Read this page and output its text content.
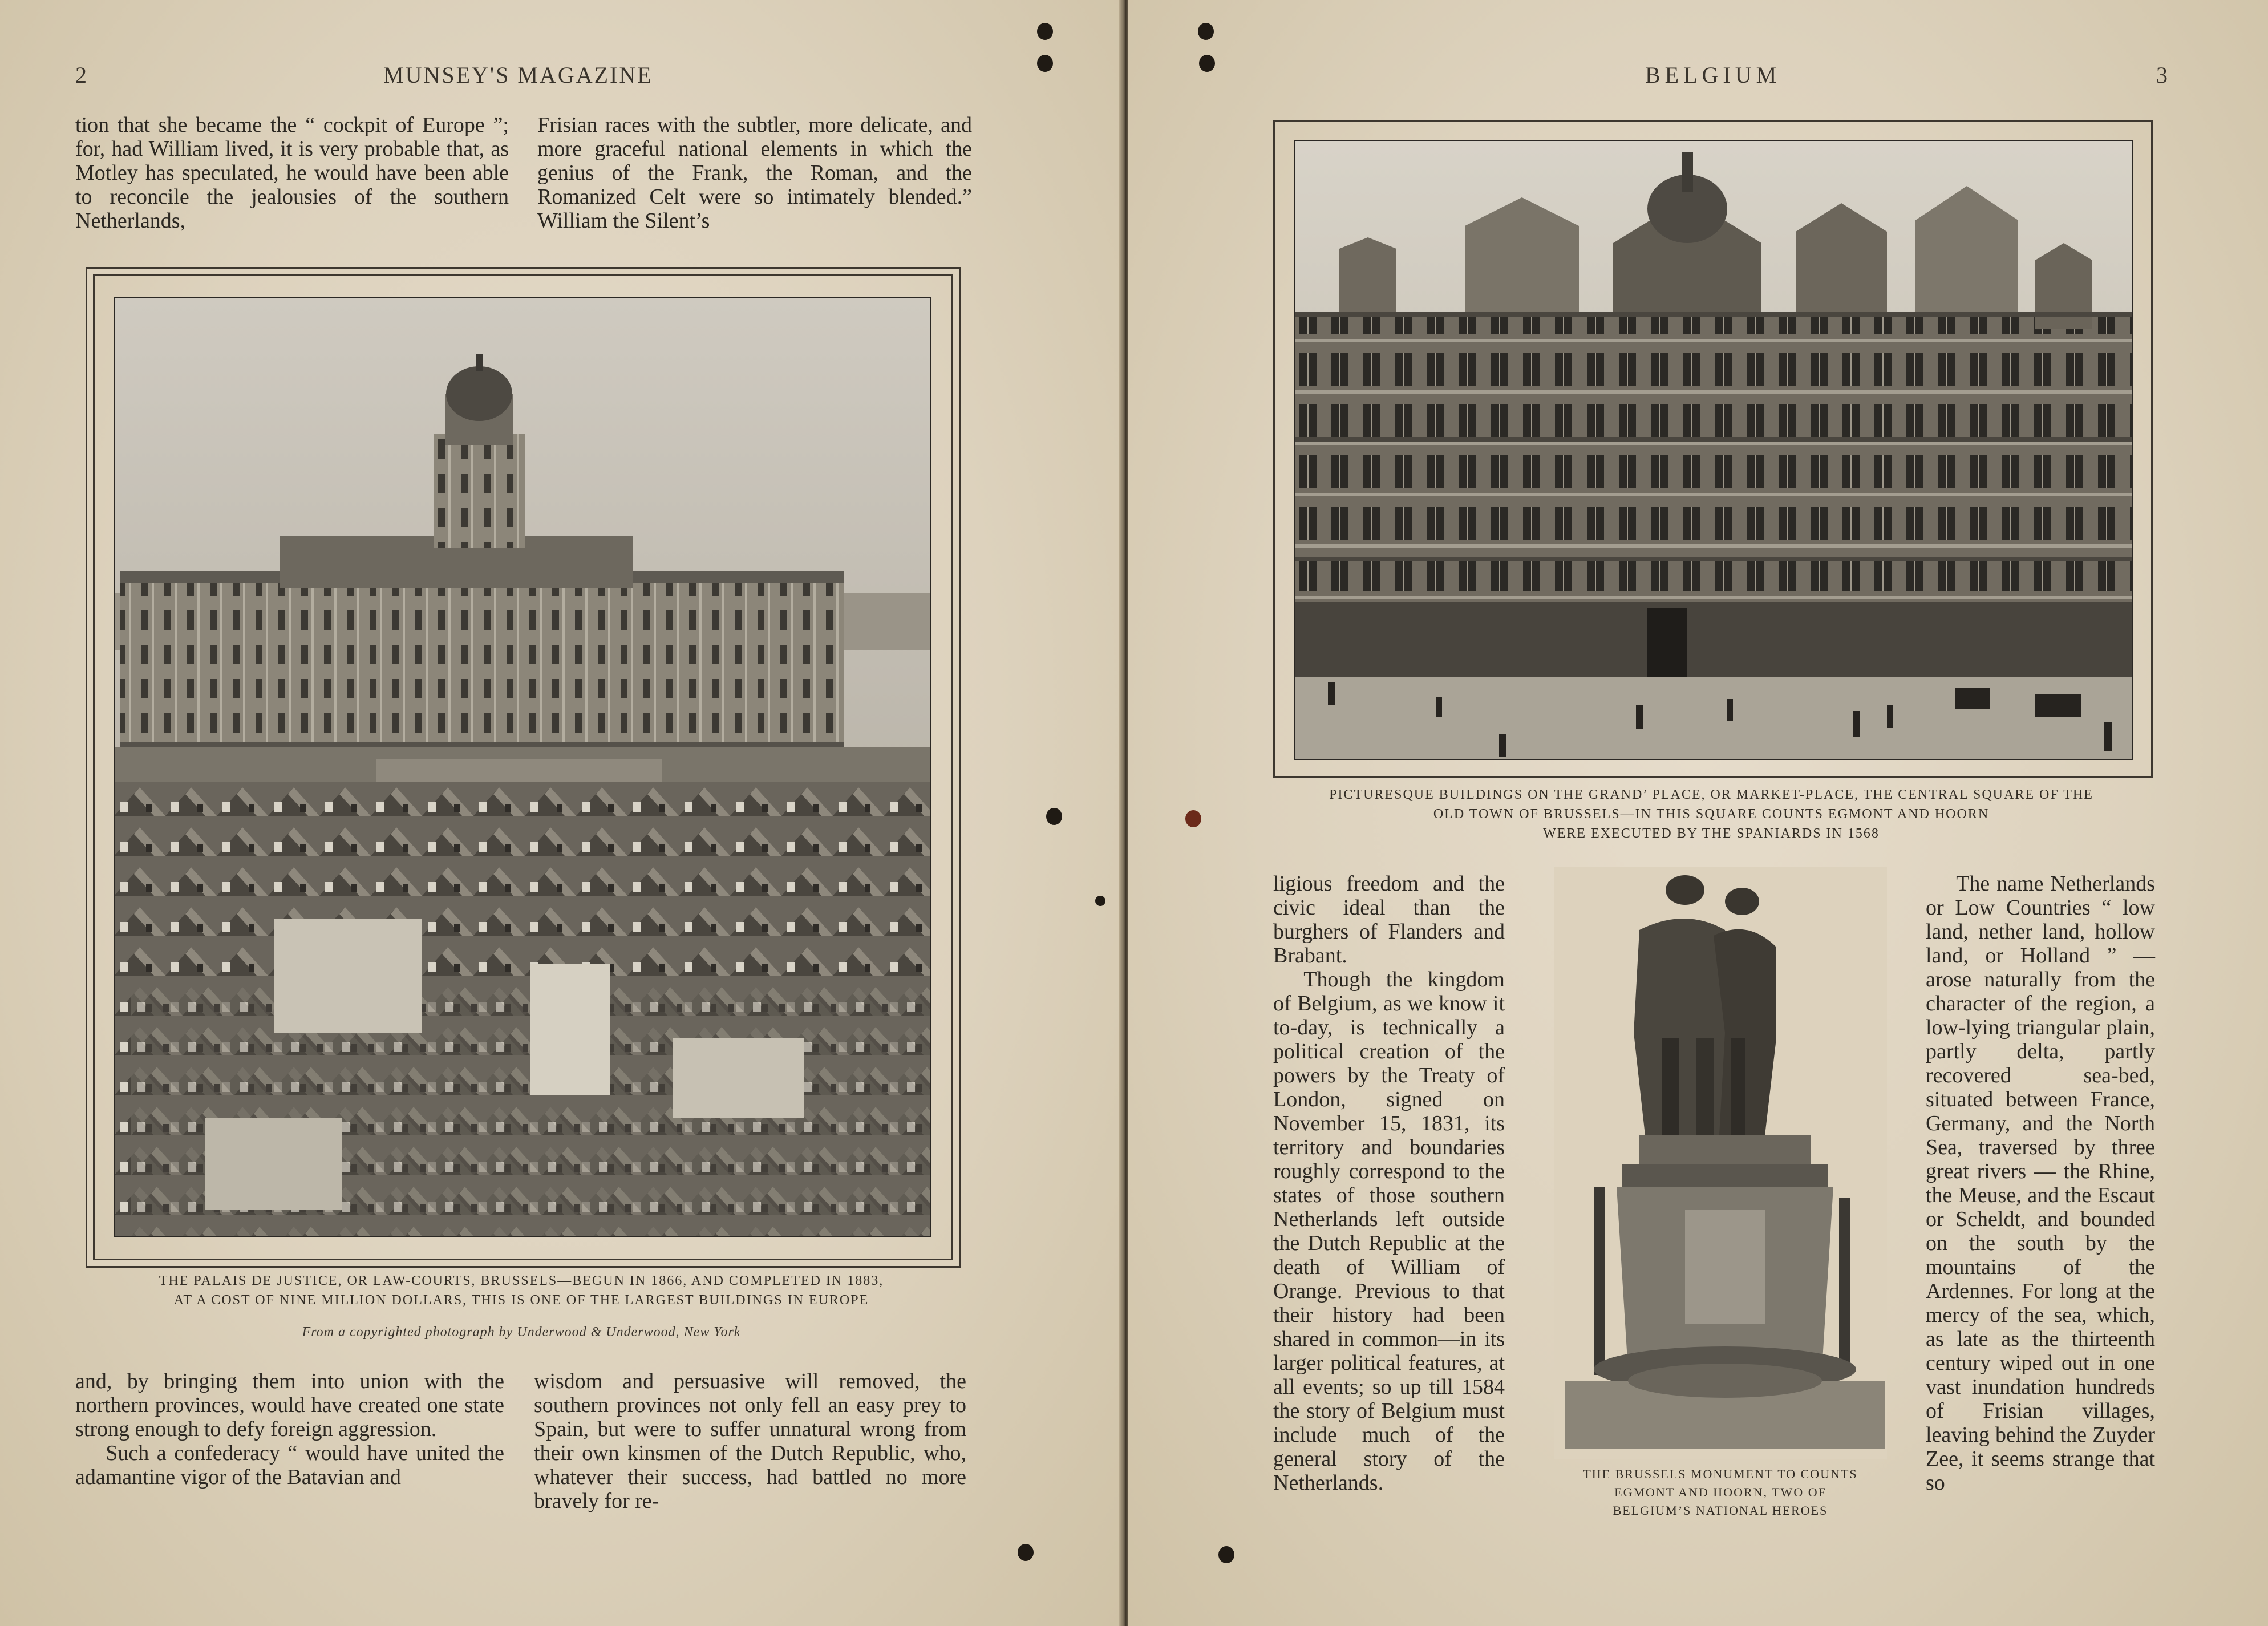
2	MUNSEY'S MAGAZINE

tion that she became the “ cockpit of Europe ”; for, had William lived, it is very probable that, as Motley has speculated, he would have been able to reconcile the jealousies of the southern Netherlands,

Frisian races with the subtler, more delicate, and more graceful national elements in which the genius of the Frank, the Roman, and the Romanized Celt were so intimately blended.” William the Silent’s

THE PALAIS DE JUSTICE, OR LAW-COURTS, BRUSSELS—BEGUN IN 1866, AND COMPLETED IN 1883,
AT A COST OF NINE MILLION DOLLARS, THIS IS ONE OF THE LARGEST BUILDINGS IN EUROPE
From a copyrighted photograph by Underwood & Underwood, New York

and, by bringing them into union with the northern provinces, would have created one state strong enough to defy foreign aggression.

Such a confederacy “ would have united the adamantine vigor of the Batavian and

wisdom and persuasive will removed, the southern provinces not only fell an easy prey to Spain, but were to suffer unnatural wrong from their own kinsmen of the Dutch Republic, who, whatever their success, had battled no more bravely for re-

BELGIUM	3
PICTURESQUE BUILDINGS ON THE GRAND’ PLACE, OR MARKET-PLACE, THE CENTRAL SQUARE OF THE
OLD TOWN OF BRUSSELS—IN THIS SQUARE COUNTS EGMONT AND HOORN
WERE EXECUTED BY THE SPANIARDS IN 1568

ligious freedom and the civic ideal than the burghers of Flanders and Brabant.

Though the kingdom of Belgium, as we know it to-day, is technically a political creation of the powers by the Treaty of London, signed on November 15, 1831, its territory and boundaries roughly correspond to the states of those southern Netherlands left outside the Dutch Republic at the death of William of Orange. Previous to that their history had been shared in common—in its larger political features, at all events; so up till 1584 the story of Belgium must include much of the general story of the Netherlands.	THE BRUSSELS MONUMENT TO COUNTS
EGMONT AND HOORN, TWO OF
BELGIUM’S NATIONAL HEROES

The name Netherlands or Low Countries “ low land, nether land, hollow land, or Holland ” — arose naturally from the character of the region, a low-lying triangular plain, partly delta, partly recovered sea-bed, situated between France, Germany, and the North Sea, traversed by three great rivers — the Rhine, the Meuse, and the Escaut or Scheldt, and bounded on the south by the mountains of the Ardennes. For long at the mercy of the sea, which, as late as the thirteenth century wiped out in one vast inundation hundreds of Frisian villages, leaving behind the Zuyder Zee, it seems strange that so
